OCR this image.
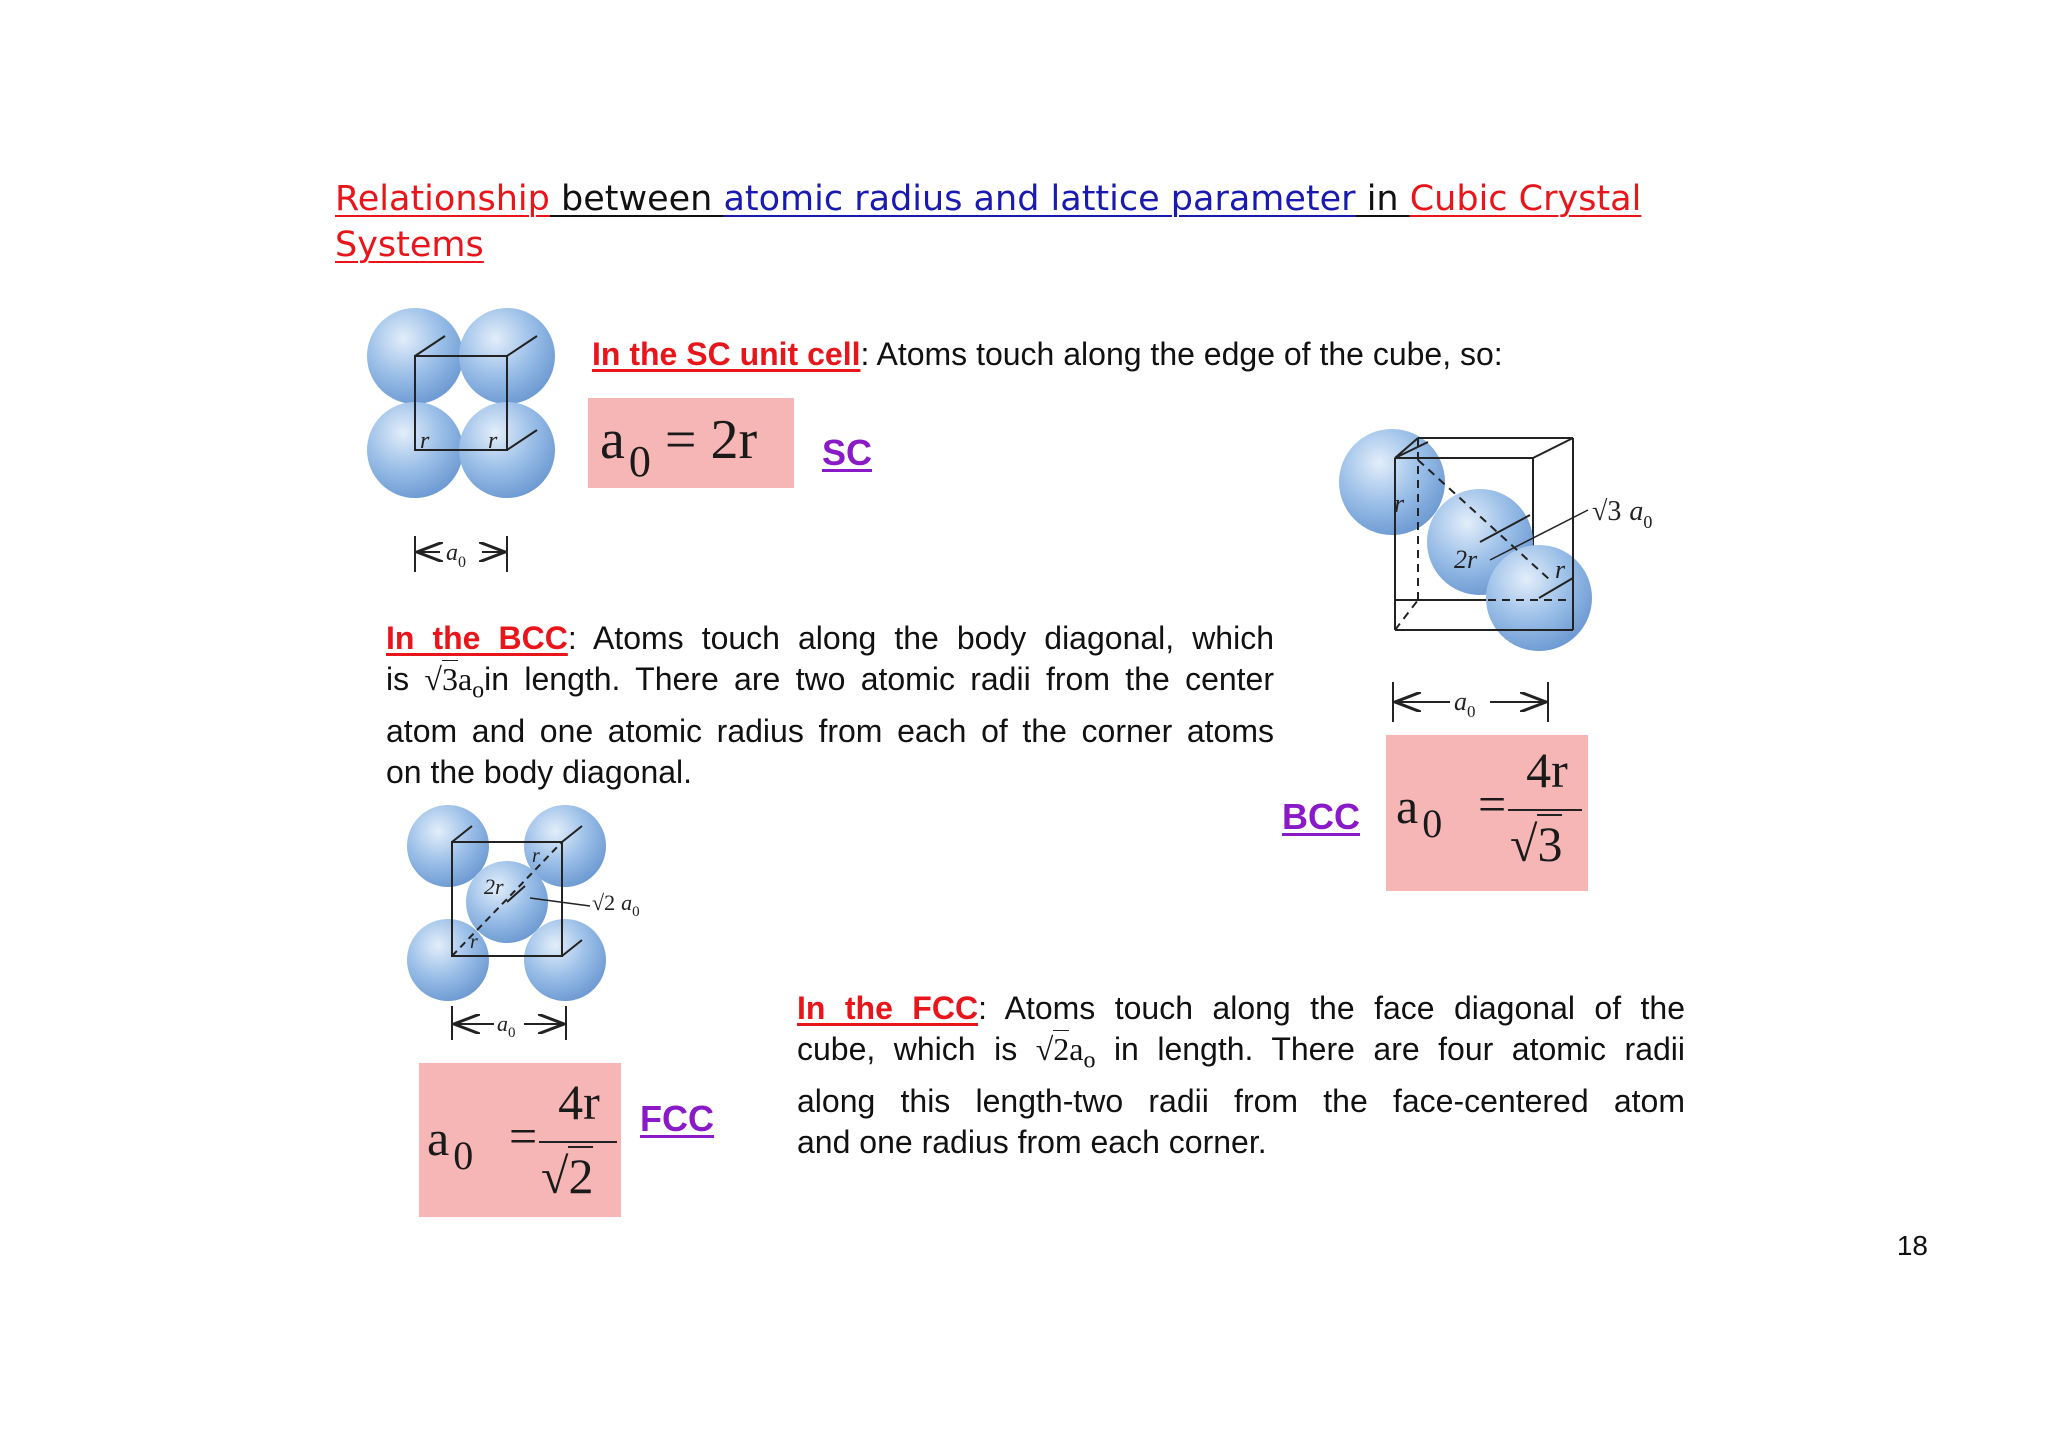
Relationship between atomic radius and lattice parameter in Cubic Crystal
Systems
r r
$a_0$
In the SC unit cell: Atoms touch along the edge of the cube, so:
$a_0 = 2r$ SC
r
2r	r
√3 $a_0$
$a_0$
In the BCC: Atoms touch along the body diagonal, which
is $√3a_oin$ length. There are two atomic radii from the center
atom and one atomic radius from each of the corner atoms
on the body diagonal.
BCC a $_0$ =
4r
√3
r
2r
r
√2 $a_0$
$a_0$
a $_0$ =
4r
√2
FCC
In the FCC: Atoms touch along the face diagonal of the
cube, which is $√2a_o$ in length. There are four atomic radii
along this length-two radii from the face-centered atom
and one radius from each corner.
18
